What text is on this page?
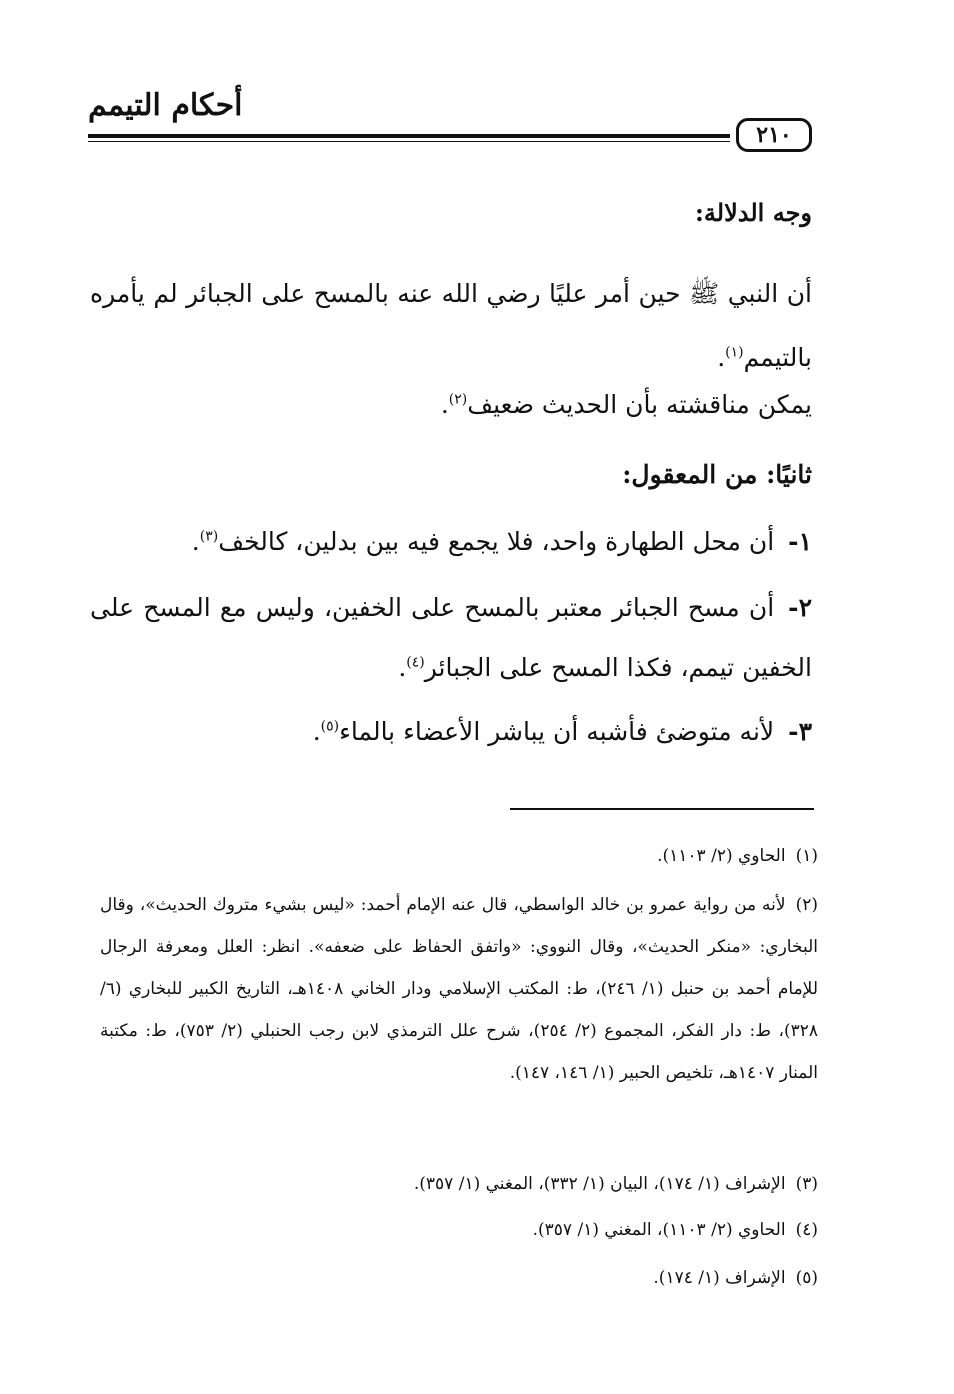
أحكام التيمم
٢١٠
وجه الدلالة:
أن النبي ﷺ حين أمر عليًا رضي الله عنه بالمسح على الجبائر لم يأمره بالتيمم$^{(١)}$.
يمكن مناقشته بأن الحديث ضعيف$^{(٢)}$.
ثانيًا: من المعقول:
١-أن محل الطهارة واحد، فلا يجمع فيه بين بدلين، كالخف$^{(٣)}$.
٢-أن مسح الجبائر معتبر بالمسح على الخفين، وليس مع المسح على الخفين تيمم، فكذا المسح على الجبائر$^{(٤)}$.
٣-لأنه متوضئ فأشبه أن يباشر الأعضاء بالماء$^{(٥)}$.
(١)الحاوي (٢/ ١١٠٣).
(٢)لأنه من رواية عمرو بن خالد الواسطي، قال عنه الإمام أحمد: «ليس بشيء متروك الحديث»، وقال البخاري: «منكر الحديث»، وقال النووي: «واتفق الحفاظ على ضعفه». انظر: العلل ومعرفة الرجال للإمام أحمد بن حنبل (١/ ٢٤٦)، ط: المكتب الإسلامي ودار الخاني ١٤٠٨هـ، التاريخ الكبير للبخاري (٦/ ٣٢٨)، ط: دار الفكر، المجموع (٢/ ٢٥٤)، شرح علل الترمذي لابن رجب الحنبلي (٢/ ٧٥٣)، ط: مكتبة المنار ١٤٠٧هـ، تلخيص الحبير (١/ ١٤٦، ١٤٧).
(٣)الإشراف (١/ ١٧٤)، البيان (١/ ٣٣٢)، المغني (١/ ٣٥٧).
(٤)الحاوي (٢/ ١١٠٣)، المغني (١/ ٣٥٧).
(٥)الإشراف (١/ ١٧٤).
